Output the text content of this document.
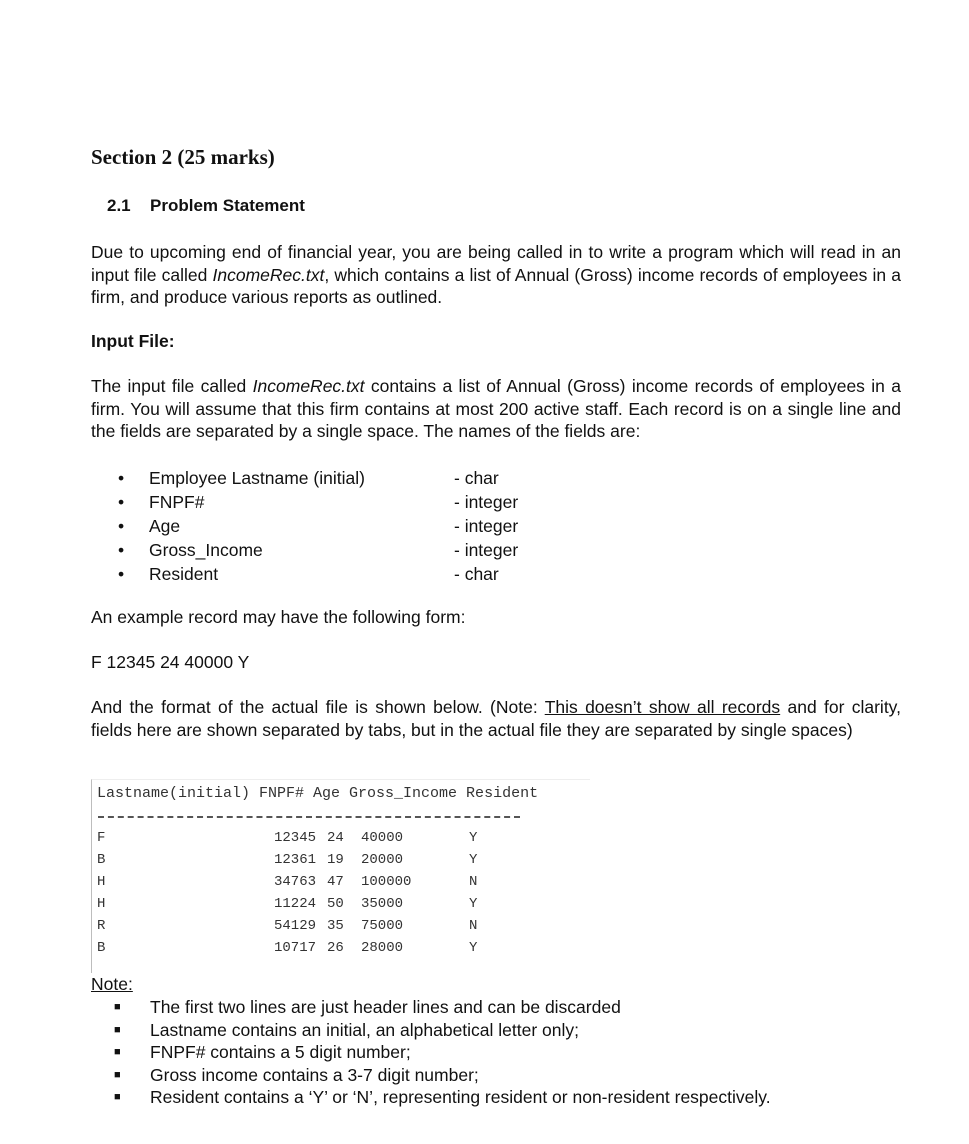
Section 2 (25 marks)
2.1 Problem Statement

Due to upcoming end of financial year, you are being called in to write a program which will read in an input file called IncomeRec.txt, which contains a list of Annual (Gross) income records of employees in a firm, and produce various reports as outlined.

Input File:

The input file called IncomeRec.txt contains a list of Annual (Gross) income records of employees in a firm. You will assume that this firm contains at most 200 active staff. Each record is on a single line and the fields are separated by a single space. The names of the fields are:

•	Employee Lastname (initial)	- char
•	FNPF#	- integer
•	Age	- integer
•	Gross_Income	- integer
•	Resident	- char

An example record may have the following form:

F 12345 24 40000 Y

And the format of the actual file is shown below. (Note: This doesn’t show all records and for clarity, fields here are shown separated by tabs, but in the actual file they are separated by single spaces)

Lastname(initial) FNPF# Age Gross_Income Resident
F	12345 24 40000	Y
B	12361 19 20000	Y
H	34763 47 100000	N
H	11224 50 35000	Y
R	54129 35 75000	N
B	10717 26 28000	Y

Note:

■	The first two lines are just header lines and can be discarded
■	Lastname contains an initial, an alphabetical letter only;
■	FNPF# contains a 5 digit number;
■	Gross income contains a 3-7 digit number;
■	Resident contains a ‘Y’ or ‘N’, representing resident or non-resident respectively.
